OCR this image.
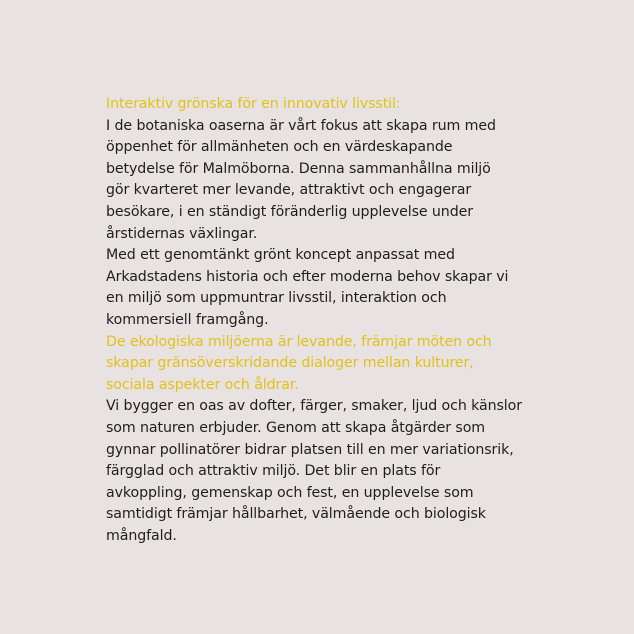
Interaktiv grönska för en innovativ livsstil:

I de botaniska oaserna är vårt fokus att skapa rum med
öppenhet för allmänheten och en värdeskapande
betydelse för Malmöborna. Denna sammanhållna miljö
gör kvarteret mer levande, attraktivt och engagerar
besökare, i en ständigt föränderlig upplevelse under
årstidernas växlingar.

Med ett genomtänkt grönt koncept anpassat med
Arkadstadens historia och efter moderna behov skapar vi
en miljö som uppmuntrar livsstil, interaktion och
kommersiell framgång.

De ekologiska miljöerna är levande, främjar möten och
skapar gränsöverskridande dialoger mellan kulturer,
sociala aspekter och åldrar.

Vi bygger en oas av dofter, färger, smaker, ljud och känslor
som naturen erbjuder. Genom att skapa åtgärder som
gynnar pollinatörer bidrar platsen till en mer variationsrik,
färgglad och attraktiv miljö. Det blir en plats för
avkoppling, gemenskap och fest, en upplevelse som
samtidigt främjar hållbarhet, välmående och biologisk
mångfald.
